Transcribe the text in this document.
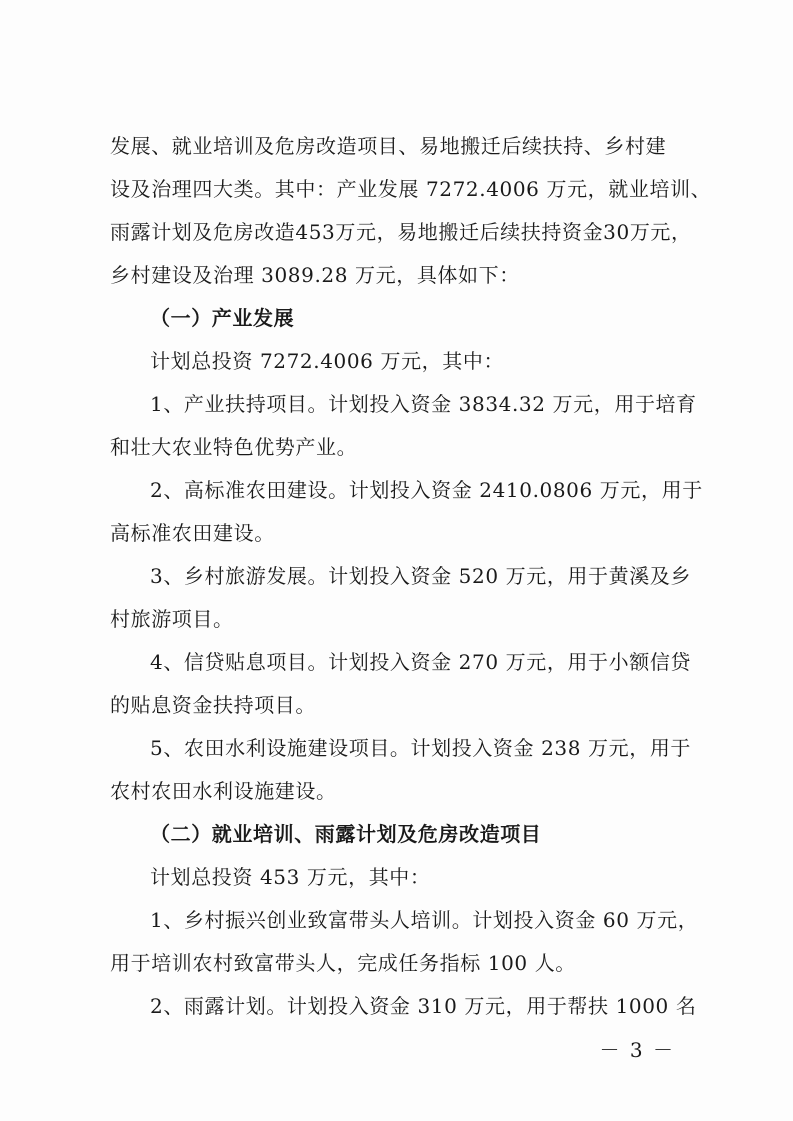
发展、就业培训及危房改造项目、易地搬迁后续扶持、乡村建
设及治理四大类。其中：产业发展 7272.4006 万元，就业培训、
雨露计划及危房改造453万元，易地搬迁后续扶持资金30万元，
乡村建设及治理 3089.28 万元，具体如下：
（一）产业发展
计划总投资 7272.4006 万元，其中：
1、产业扶持项目。计划投入资金 3834.32 万元，用于培育
和壮大农业特色优势产业。
2、高标准农田建设。计划投入资金 2410.0806 万元，用于
高标准农田建设。
3、乡村旅游发展。计划投入资金 520 万元，用于黄溪及乡
村旅游项目。
4、信贷贴息项目。计划投入资金 270 万元，用于小额信贷
的贴息资金扶持项目。
5、农田水利设施建设项目。计划投入资金 238 万元，用于
农村农田水利设施建设。
（二）就业培训、雨露计划及危房改造项目
计划总投资 453 万元，其中：
1、乡村振兴创业致富带头人培训。计划投入资金 60 万元，
用于培训农村致富带头人，完成任务指标 100 人。
2、雨露计划。计划投入资金 310 万元，用于帮扶 1000 名
－ 3 －
